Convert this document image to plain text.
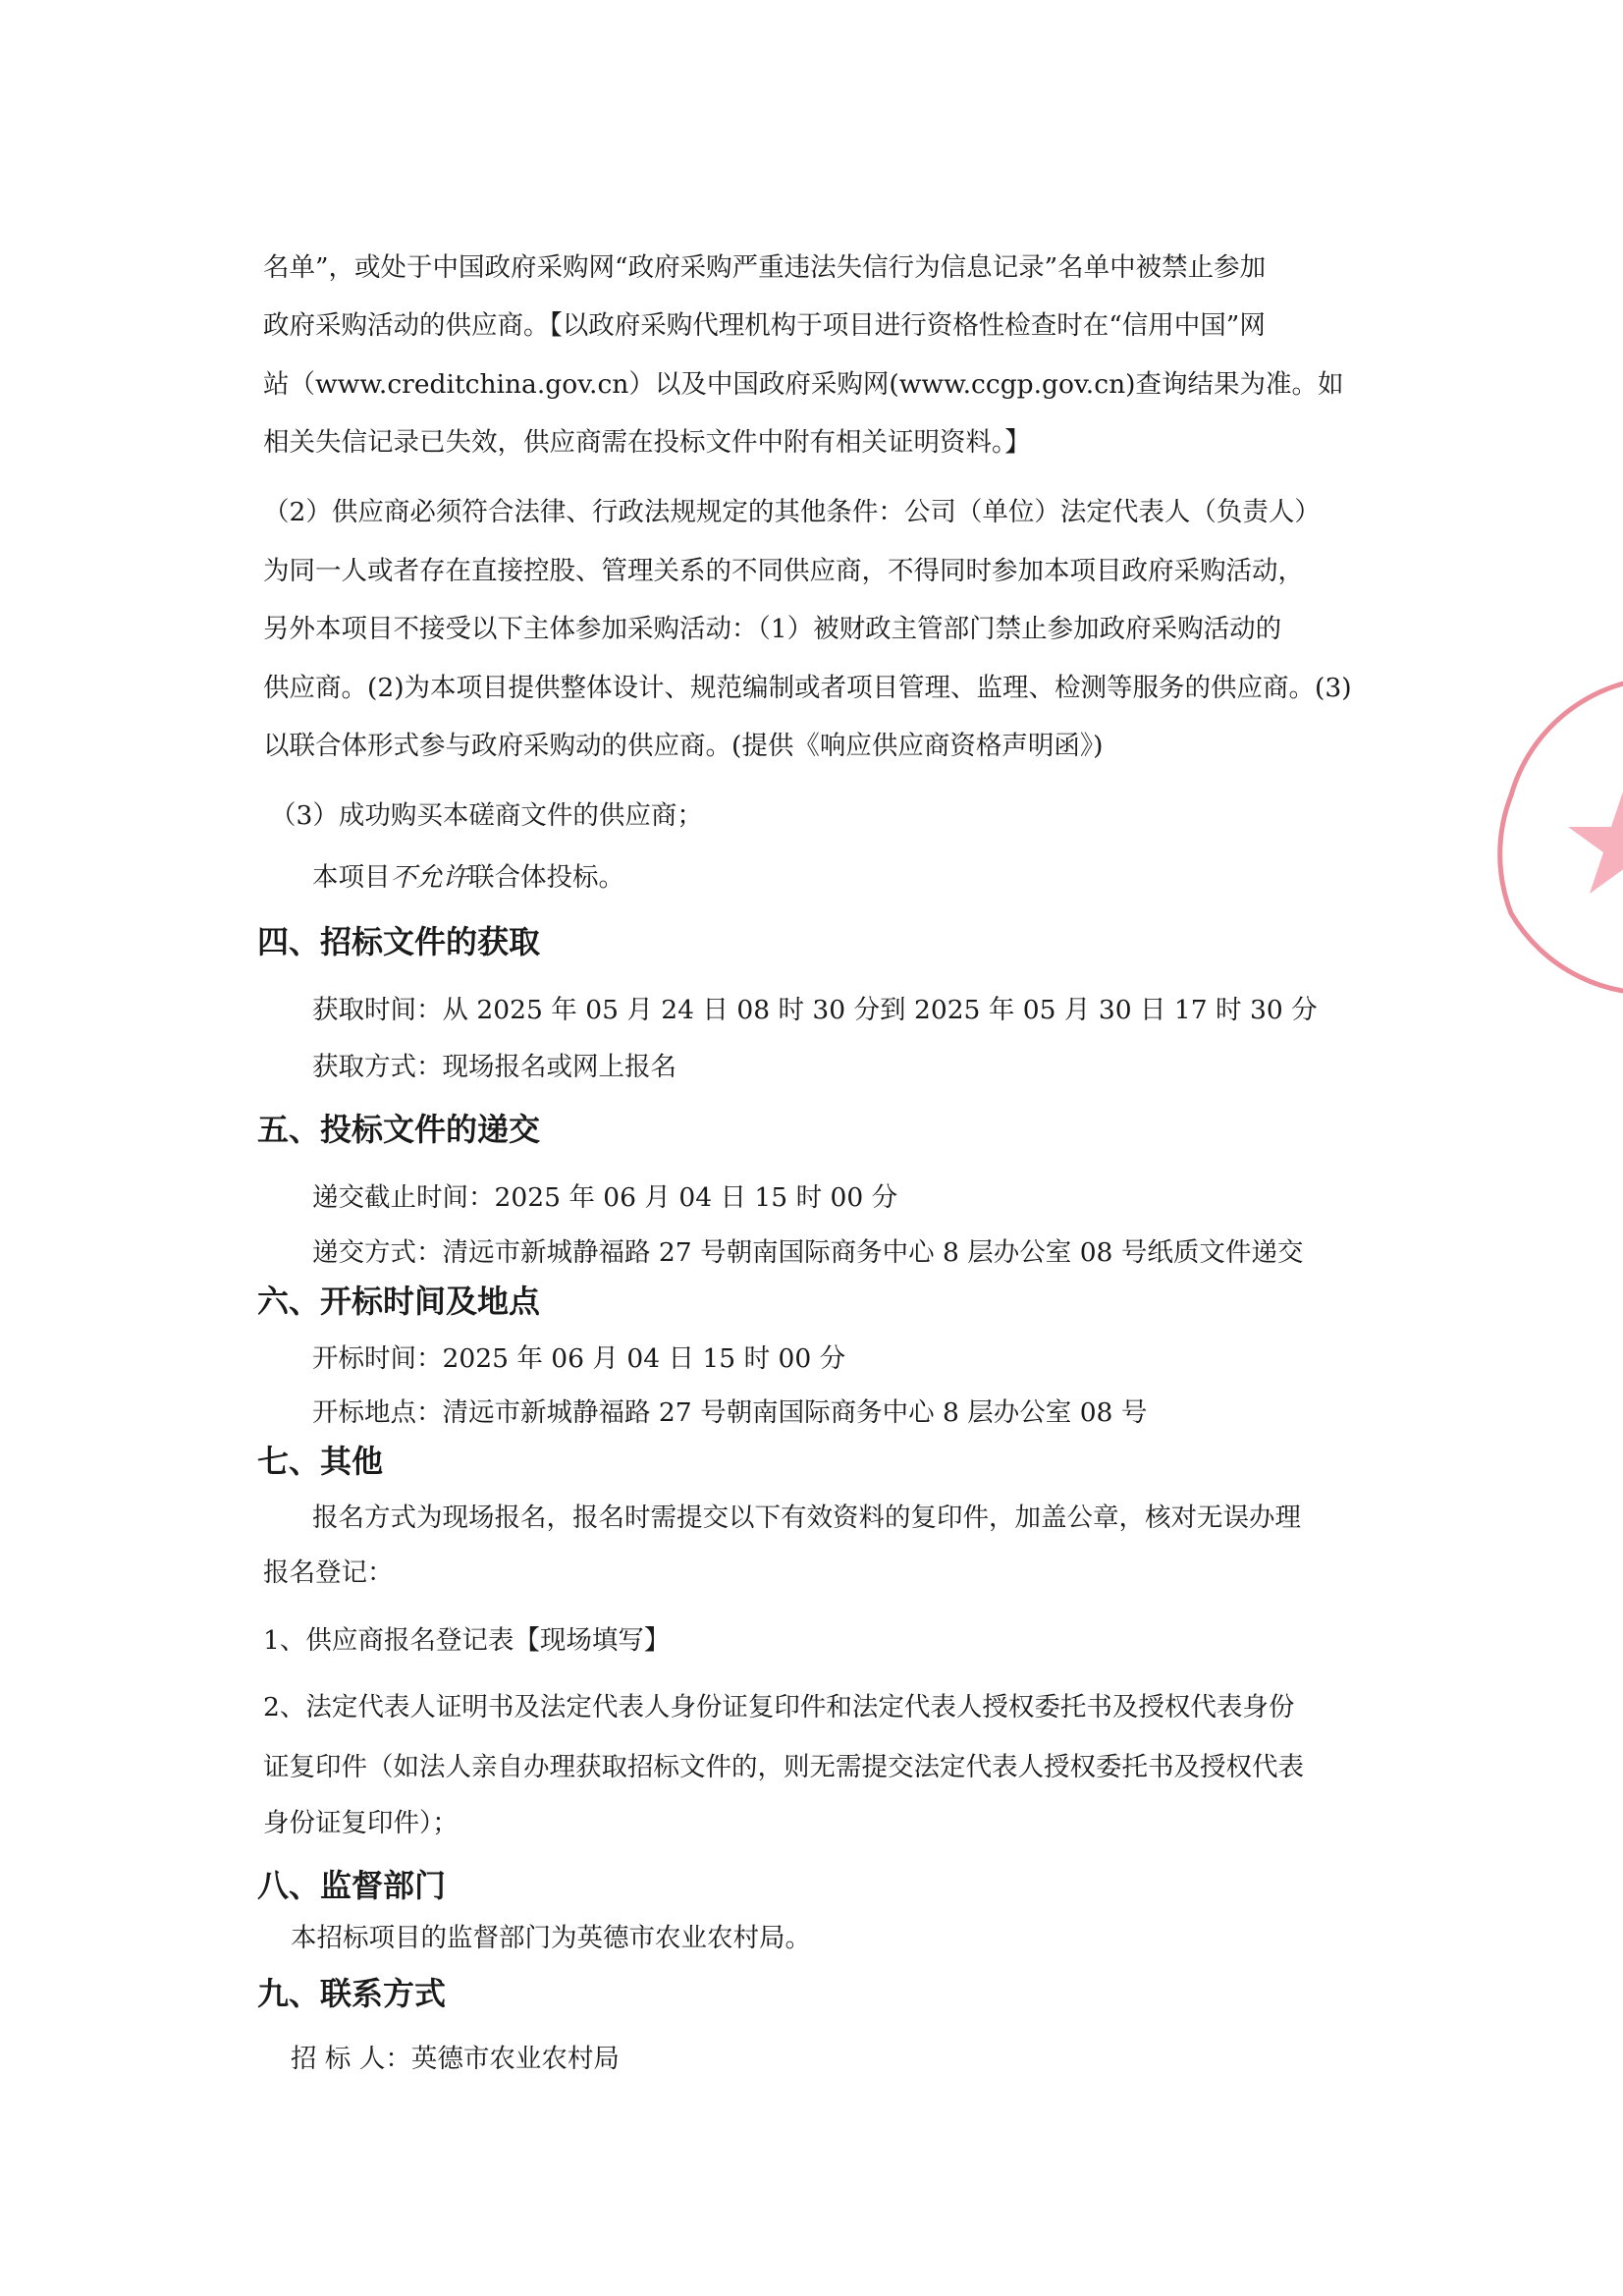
名单”，或处于中国政府采购网“政府采购严重违法失信行为信息记录”名单中被禁止参加
政府采购活动的供应商。【以政府采购代理机构于项目进行资格性检查时在“信用中国”网
站（www.creditchina.gov.cn）以及中国政府采购网(www.ccgp.gov.cn)查询结果为准。如
相关失信记录已失效，供应商需在投标文件中附有相关证明资料。】
（2）供应商必须符合法律、行政法规规定的其他条件：公司（单位）法定代表人（负责人）
为同一人或者存在直接控股、管理关系的不同供应商，不得同时参加本项目政府采购活动，
另外本项目不接受以下主体参加采购活动：（1）被财政主管部门禁止参加政府采购活动的
供应商。(2)为本项目提供整体设计、规范编制或者项目管理、监理、检测等服务的供应商。(3)
以联合体形式参与政府采购动的供应商。(提供《响应供应商资格声明函》)
（3）成功购买本磋商文件的供应商；
本项目不允许联合体投标。
四、招标文件的获取
获取时间：从 2025 年 05 月 24 日 08 时 30 分到 2025 年 05 月 30 日 17 时 30 分
获取方式：现场报名或网上报名
五、投标文件的递交
递交截止时间：2025 年 06 月 04 日 15 时 00 分
递交方式：清远市新城静福路 27 号朝南国际商务中心 8 层办公室 08 号纸质文件递交
六、开标时间及地点
开标时间：2025 年 06 月 04 日 15 时 00 分
开标地点：清远市新城静福路 27 号朝南国际商务中心 8 层办公室 08 号
七、其他
报名方式为现场报名，报名时需提交以下有效资料的复印件，加盖公章，核对无误办理
报名登记：
1、供应商报名登记表【现场填写】
2、法定代表人证明书及法定代表人身份证复印件和法定代表人授权委托书及授权代表身份
证复印件（如法人亲自办理获取招标文件的，则无需提交法定代表人授权委托书及授权代表
身份证复印件）；
八、监督部门
本招标项目的监督部门为英德市农业农村局。
九、联系方式
招 标 人：英德市农业农村局
